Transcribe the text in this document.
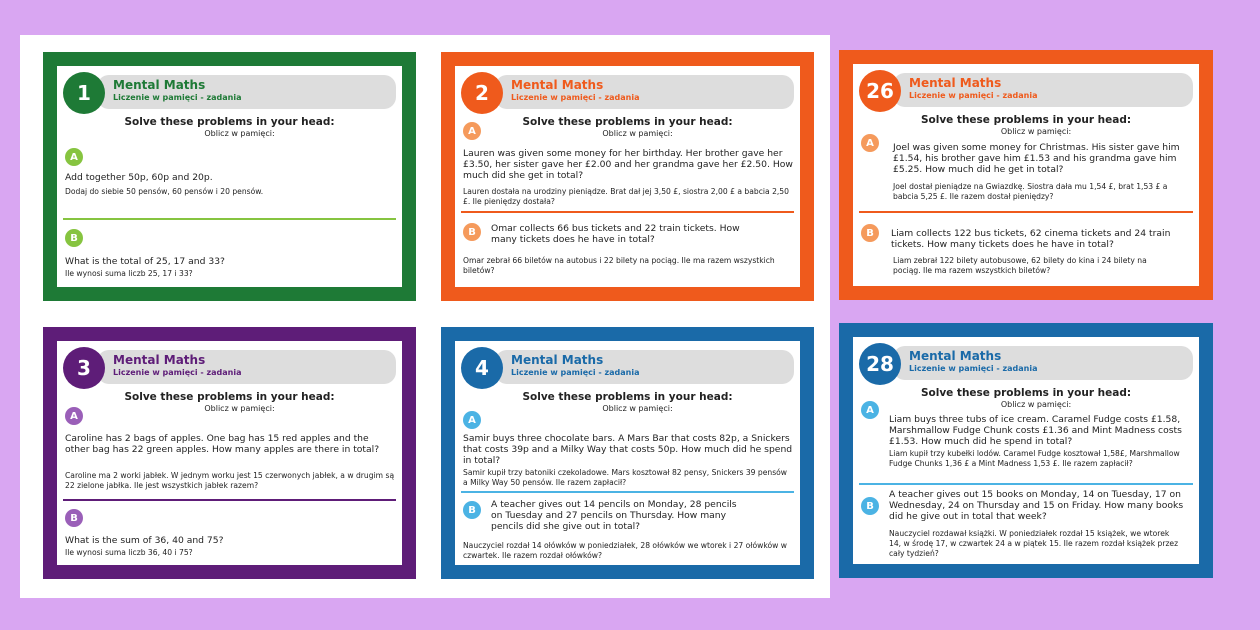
1	Mental Maths
Liczenie w pamięci - zadania
Solve these problems in your head:
Oblicz w pamięci:
A
Add together 50p, 60p and 20p.
Dodaj do siebie 50 pensów, 60 pensów i 20 pensów.
B
What is the total of 25, 17 and 33?
Ile wynosi suma liczb 25, 17 i 33?
2	Mental Maths
Liczenie w pamięci - zadania
Solve these problems in your head:
Oblicz w pamięci:
A
Lauren was given some money for her birthday. Her brother gave her £3.50, her sister gave her £2.00 and her grandma gave her £2.50. How much did she get in total?
Lauren dostała na urodziny pieniądze. Brat dał jej 3,50 £, siostra 2,00 £ a babcia 2,50 £. Ile pieniędzy dostała?
B	Omar collects 66 bus tickets and 22 train tickets. How many tickets does he have in total?
Omar zebrał 66 biletów na autobus i 22 bilety na pociąg. Ile ma razem wszystkich biletów?
26	Mental Maths
Liczenie w pamięci - zadania
Solve these problems in your head:
Oblicz w pamięci:
A	Joel was given some money for Christmas. His sister gave him £1.54, his brother gave him £1.53 and his grandma gave him £5.25. How much did he get in total?
Joel dostał pieniądze na Gwiazdkę. Siostra dała mu 1,54 £, brat 1,53 £ a babcia 5,25 £. Ile razem dostał pieniędzy?
B	Liam collects 122 bus tickets, 62 cinema tickets and 24 train tickets. How many tickets does he have in total?
Liam zebrał 122 bilety autobusowe, 62 bilety do kina i 24 bilety na pociąg. Ile ma razem wszystkich biletów?
3	Mental Maths
Liczenie w pamięci - zadania
Solve these problems in your head:
Oblicz w pamięci:
A
Caroline has 2 bags of apples. One bag has 15 red apples and the other bag has 22 green apples. How many apples are there in total?
Caroline ma 2 worki jabłek. W jednym worku jest 15 czerwonych jabłek, a w drugim są 22 zielone jabłka. Ile jest wszystkich jabłek razem?
B
What is the sum of 36, 40 and 75?
Ile wynosi suma liczb 36, 40 i 75?
4	Mental Maths
Liczenie w pamięci - zadania
Solve these problems in your head:
Oblicz w pamięci:
A
Samir buys three chocolate bars. A Mars Bar that costs 82p, a Snickers that costs 39p and a Milky Way that costs 50p. How much did he spend in total?
Samir kupił trzy batoniki czekoladowe. Mars kosztował 82 pensy, Snickers 39 pensów a Milky Way 50 pensów. Ile razem zapłacił?
B	A teacher gives out 14 pencils on Monday, 28 pencils on Tuesday and 27 pencils on Thursday. How many pencils did she give out in total?
Nauczyciel rozdał 14 ołówków w poniedziałek, 28 ołówków we wtorek i 27 ołówków w czwartek. Ile razem rozdał ołówków?
28	Mental Maths
Liczenie w pamięci - zadania
Solve these problems in your head:
Oblicz w pamięci:
A
Liam buys three tubs of ice cream. Caramel Fudge costs £1.58, Marshmallow Fudge Chunk costs £1.36 and Mint Madness costs £1.53. How much did he spend in total?
Liam kupił trzy kubełki lodów. Caramel Fudge kosztował 1,58£, Marshmallow Fudge Chunks 1,36 £ a Mint Madness 1,53 £. Ile razem zapłacił?
B
A teacher gives out 15 books on Monday, 14 on Tuesday, 17 on Wednesday, 24 on Thursday and 15 on Friday. How many books did he give out in total that week?
Nauczyciel rozdawał książki. W poniedziałek rozdał 15 książek, we wtorek 14, w środę 17, w czwartek 24 a w piątek 15. Ile razem rozdał książek przez cały tydzień?
